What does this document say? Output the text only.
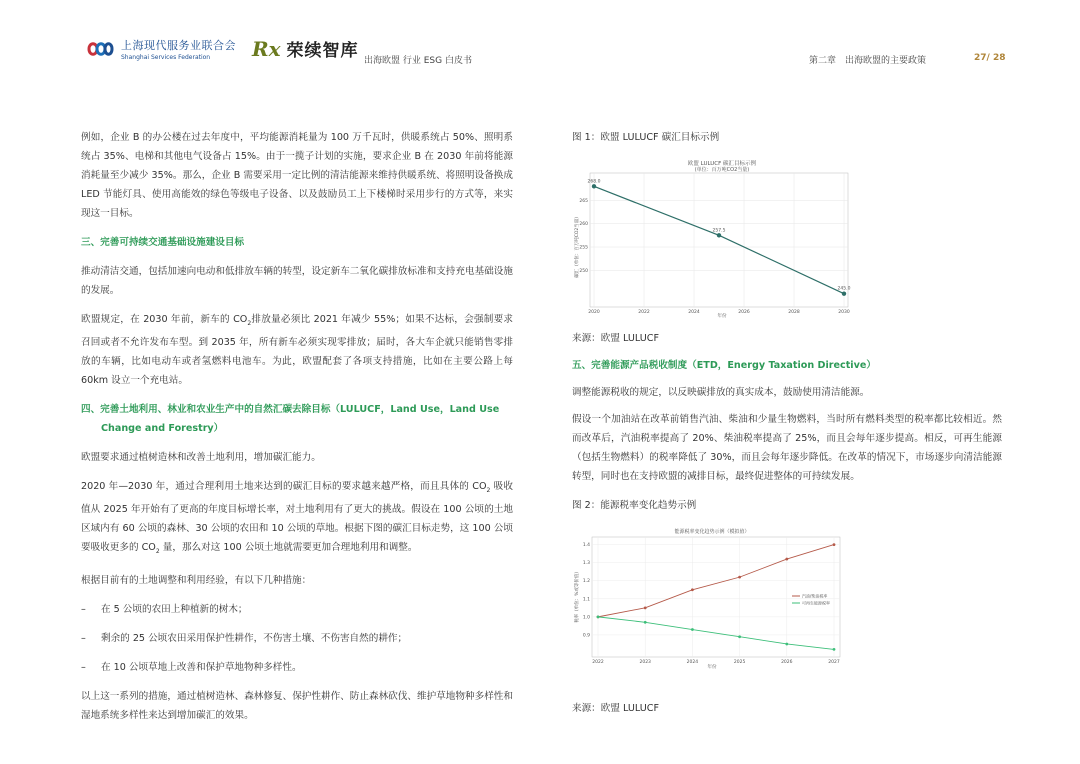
上海现代服务业联合会
Shanghai Services Federation	Rx 荣续智库 出海欧盟 行业 ESG 白皮书	第二章　出海欧盟的主要政策	27/ 28

例如，企业 B 的办公楼在过去年度中，平均能源消耗量为 100 万千瓦时，供暖系统占 50%、照明系统占 35%、电梯和其他电气设备占 15%。由于一揽子计划的实施，要求企业 B 在 2030 年前将能源消耗量至少减少 35%。那么，企业 B 需要采用一定比例的清洁能源来维持供暖系统、将照明设备换成 LED 节能灯具、使用高能效的绿色等级电子设备、以及鼓励员工上下楼梯时采用步行的方式等，来实现这一目标。

三、完善可持续交通基础设施建设目标

推动清洁交通，包括加速向电动和低排放车辆的转型，设定新车二氧化碳排放标准和支持充电基础设施的发展。

欧盟规定，在 2030 年前，新车的 $CO_2$排放量必须比 2021 年减少 55%；如果不达标，会强制要求召回或者不允许发布车型。到 2035 年，所有新车必须实现零排放；届时，各大车企就只能销售零排放的车辆，比如电动车或者氢燃料电池车。为此，欧盟配套了各项支持措施，比如在主要公路上每 60km 设立一个充电站。

四、完善土地利用、林业和农业生产中的自然汇碳去除目标（LULUCF，Land Use，Land Use
Change and Forestry）

欧盟要求通过植树造林和改善土地利用，增加碳汇能力。

2020 年—2030 年，通过合理利用土地来达到的碳汇目标的要求越来越严格，而且具体的 $CO_2$ 吸收值从 2025 年开始有了更高的年度目标增长率，对土地利用有了更大的挑战。假设在 100 公顷的土地区域内有 60 公顷的森林、30 公顷的农田和 10 公顷的草地。根据下图的碳汇目标走势，这 100 公顷要吸收更多的 $CO_2$ 量，那么对这 100 公顷土地就需要更加合理地利用和调整。

根据目前有的土地调整和利用经验，有以下几种措施：

–	在 5 公顷的农田上种植新的树木；
–	剩余的 25 公顷农田采用保护性耕作，不伤害土壤、不伤害自然的耕作；
–	在 10 公顷草地上改善和保护草地物种多样性。

以上这一系列的措施，通过植树造林、森林修复、保护性耕作、防止森林砍伐、维护草地物种多样性和湿地系统多样性来达到增加碳汇的效果。

图 1：欧盟 LULUCF 碳汇目标示例
欧盟 LULUCF 碳汇目标示例
(单位：百万吨CO2当量)
碳汇（单位：百万吨CO2当量）
年份
2020	2022	2024	2026	2028	2030
250
255
260
265
268.0
257.5
245.0
来源：欧盟 LULUCF
五、完善能源产品税收制度（ETD，Energy Taxation Directive）

调整能源税收的规定，以反映碳排放的真实成本，鼓励使用清洁能源。

假设一个加油站在改革前销售汽油、柴油和少量生物燃料，当时所有燃料类型的税率都比较相近。然而改革后，汽油税率提高了 20%、柴油税率提高了 25%，而且会每年逐步提高。相反，可再生能源（包括生物燃料）的税率降低了 30%，而且会每年逐步降低。在改革的情况下，市场逐步向清洁能源转型，同时也在支持欧盟的减排目标，最终促进整体的可持续发展。

图 2：能源税率变化趋势示例
能源税率变化趋势示例（模拟值）
税率（单位：%或等价值）
年份
2022	2023	2024	2025	2026	2027
0.9
1.0
1.1
1.2
1.3
1.4
汽油/柴油税率
可再生能源税率
来源：欧盟 LULUCF
